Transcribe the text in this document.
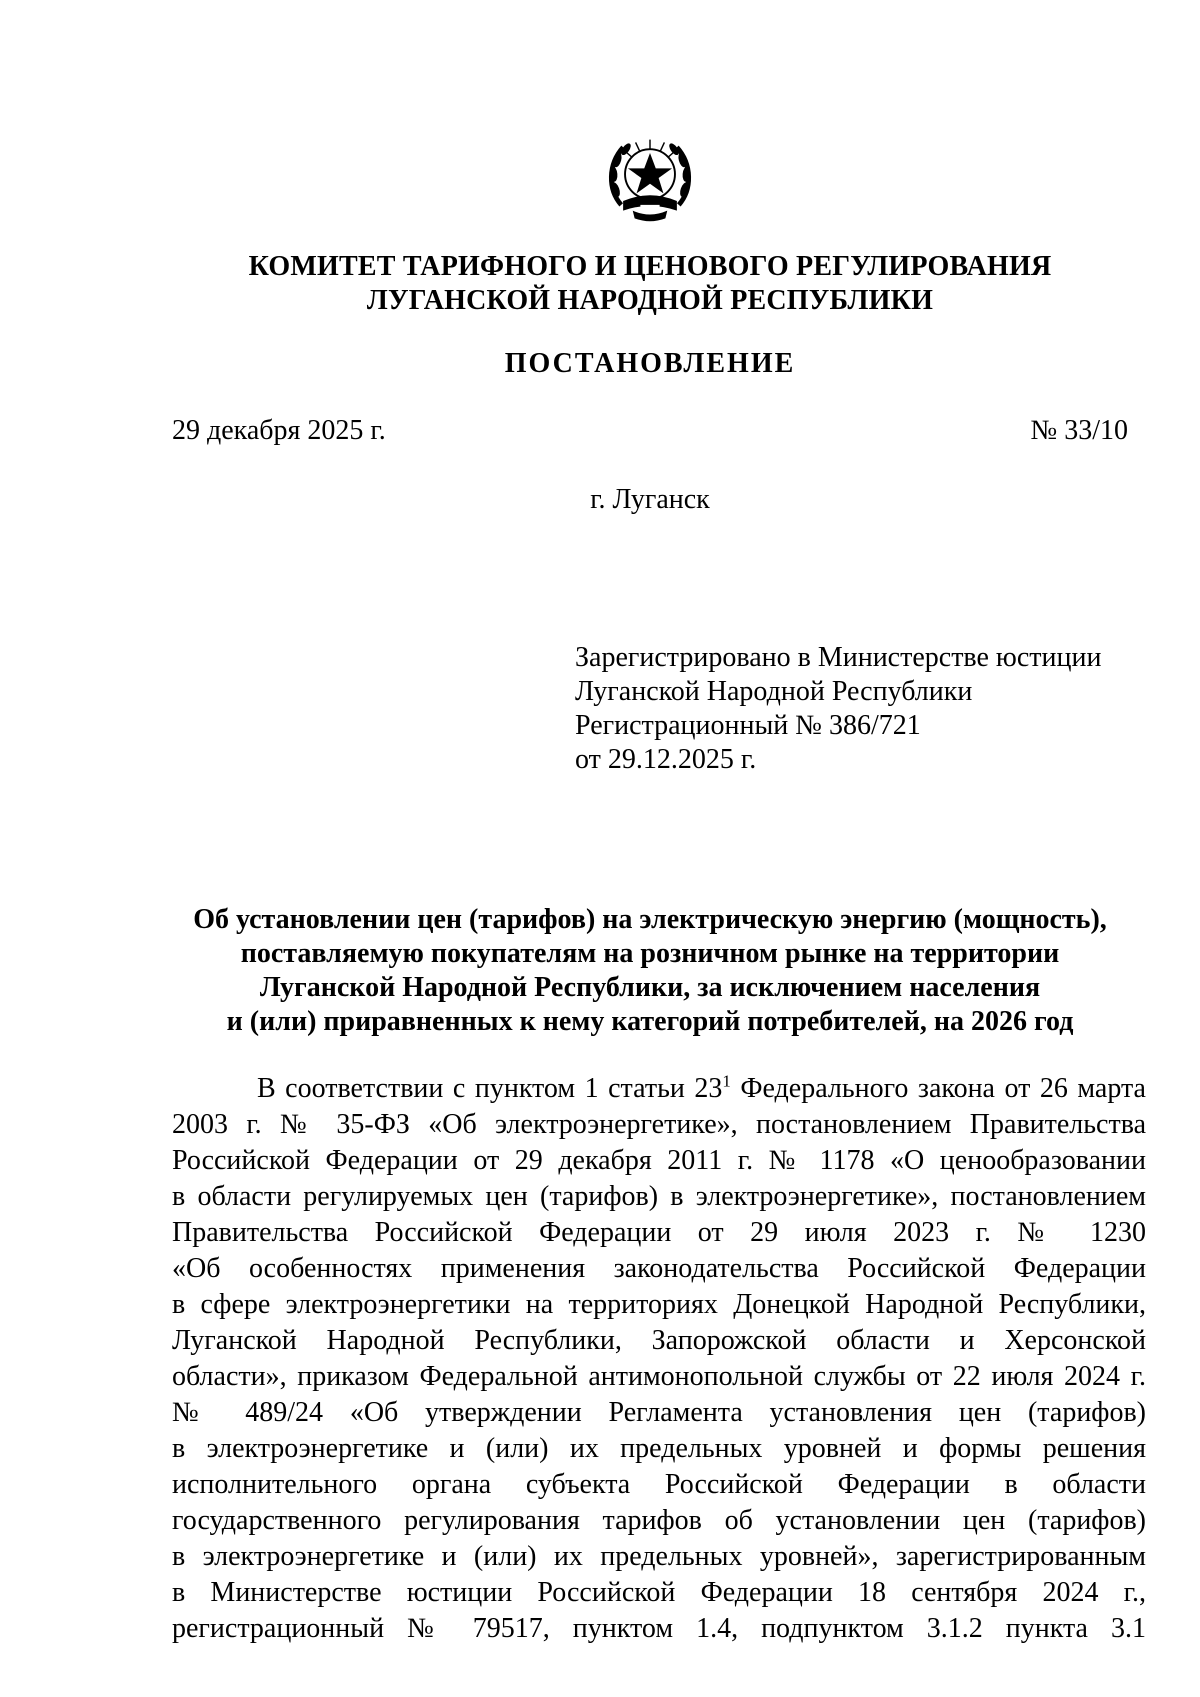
КОМИТЕТ ТАРИФНОГО И ЦЕНОВОГО РЕГУЛИРОВАНИЯ
ЛУГАНСКОЙ НАРОДНОЙ РЕСПУБЛИКИ
ПОСТАНОВЛЕНИЕ
29 декабря 2025 г.	№ 33/10
г. Луганск
Зарегистрировано в Министерстве юстиции
Луганской Народной Республики
Регистрационный № 386/721
от 29.12.2025 г.
Об установлении цен (тарифов) на электрическую энергию (мощность),
поставляемую покупателям на розничном рынке на территории
Луганской Народной Республики, за исключением населения
и (или) приравненных к нему категорий потребителей, на 2026 год
В соответствии с пунктом 1 статьи $23^1$ Федерального закона от 26 марта
2003 г. № 35-ФЗ «Об электроэнергетике», постановлением Правительства
Российской Федерации от 29 декабря 2011 г. № 1178 «О ценообразовании
в области регулируемых цен (тарифов) в электроэнергетике», постановлением
Правительства Российской Федерации от 29 июля 2023 г. № 1230
«Об особенностях применения законодательства Российской Федерации
в сфере электроэнергетики на территориях Донецкой Народной Республики,
Луганской Народной Республики, Запорожской области и Херсонской
области», приказом Федеральной антимонопольной службы от 22 июля 2024 г.
№ 489/24 «Об утверждении Регламента установления цен (тарифов)
в электроэнергетике и (или) их предельных уровней и формы решения
исполнительного органа субъекта Российской Федерации в области
государственного регулирования тарифов об установлении цен (тарифов)
в электроэнергетике и (или) их предельных уровней», зарегистрированным
в Министерстве юстиции Российской Федерации 18 сентября 2024 г.,
регистрационный № 79517, пунктом 1.4, подпунктом 3.1.2 пункта 3.1
